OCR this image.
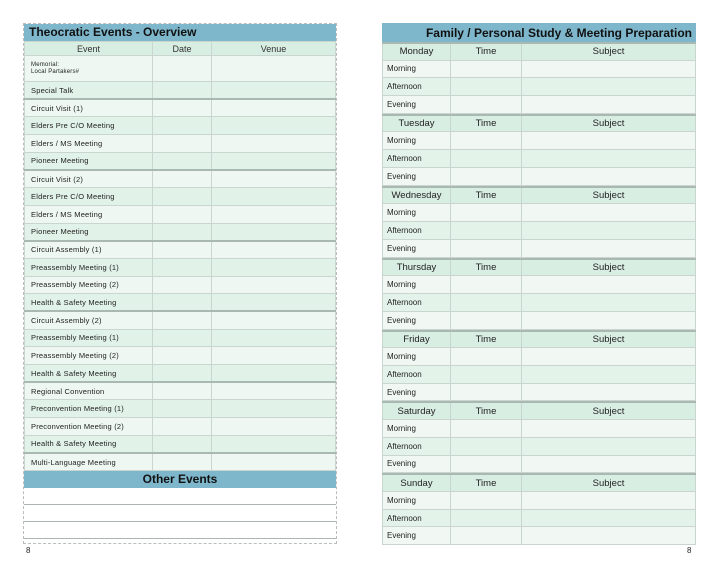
Theocratic Events - Overview
Event	Date	Venue

Memorial:
Local Partakers#		

Special Talk		
Circuit Visit (1)		
Elders Pre C/O Meeting		
Elders / MS Meeting		
Pioneer Meeting		
Circuit Visit (2)		
Elders Pre C/O Meeting		
Elders / MS Meeting		
Pioneer Meeting		
Circuit Assembly (1)		
Preassembly Meeting (1)		
Preassembly Meeting (2)		
Health & Safety Meeting		
Circuit Assembly (2)		
Preassembly Meeting (1)		
Preassembly Meeting (2)		
Health & Safety Meeting		
Regional Convention		
Preconvention Meeting (1)		
Preconvention Meeting (2)		
Health & Safety Meeting		
Multi-Language Meeting		
Other Events
8
Family / Personal Study & Meeting Preparation
Monday	Time	Subject
Morning		
Afternoon		
Evening		
Tuesday	Time	Subject
Morning		
Afternoon		
Evening		
Wednesday	Time	Subject
Morning		
Afternoon		
Evening		
Thursday	Time	Subject
Morning		
Afternoon		
Evening		
Friday	Time	Subject
Morning		
Afternoon		
Evening		
Saturday	Time	Subject
Morning		
Afternoon		
Evening		
Sunday	Time	Subject
Morning		
Afternoon		
Evening		
8
